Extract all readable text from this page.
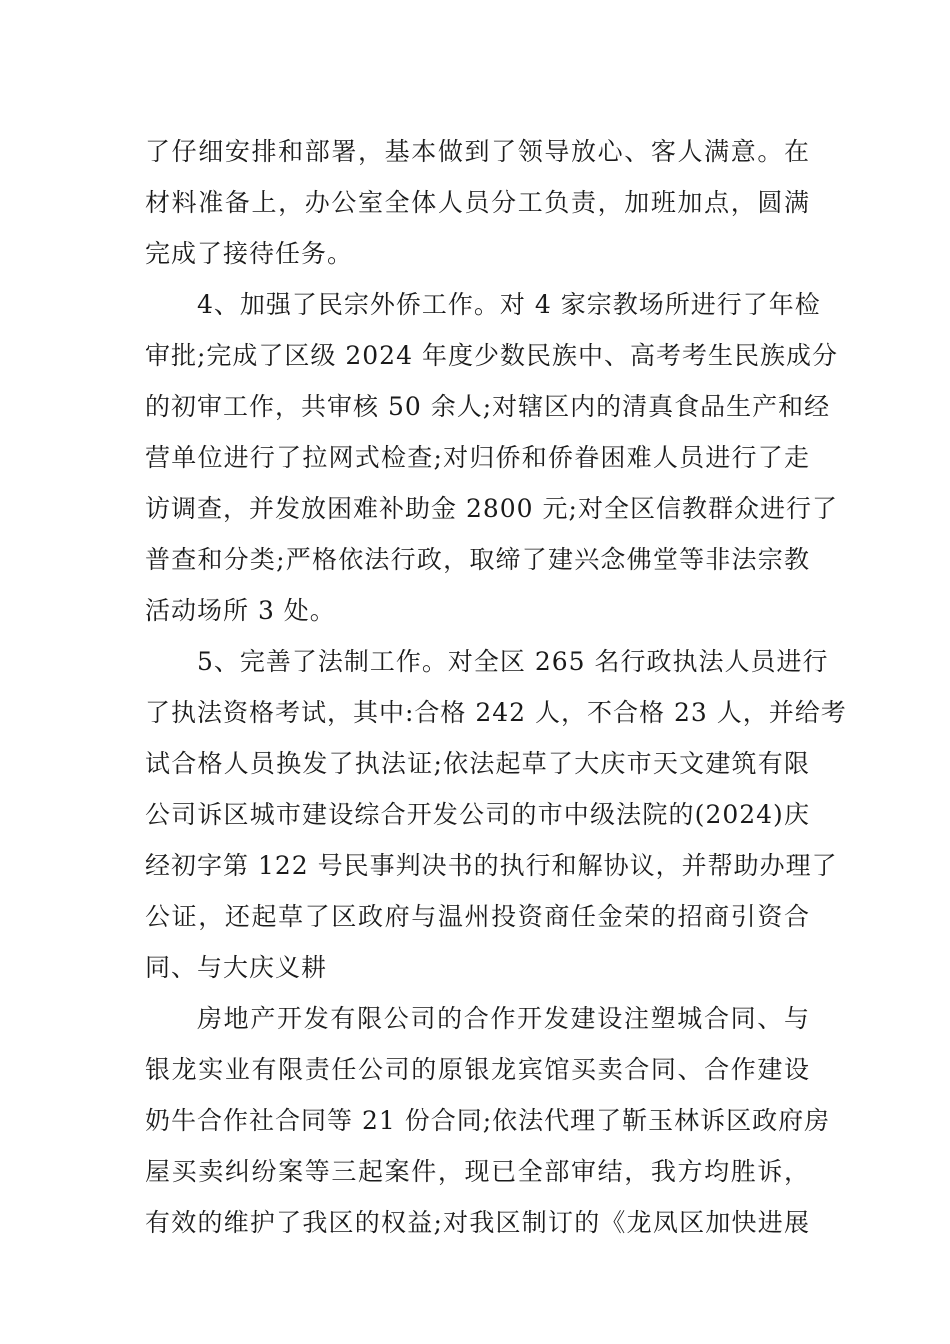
了仔细安排和部署，基本做到了领导放心、客人满意。在
材料准备上，办公室全体人员分工负责，加班加点，圆满
完成了接待任务。
4、加强了民宗外侨工作。对 4 家宗教场所进行了年检
审批;完成了区级 2024 年度少数民族中、高考考生民族成分
的初审工作，共审核 50 余人;对辖区内的清真食品生产和经
营单位进行了拉网式检查;对归侨和侨眷困难人员进行了走
访调查，并发放困难补助金 2800 元;对全区信教群众进行了
普查和分类;严格依法行政，取缔了建兴念佛堂等非法宗教
活动场所 3 处。
5、完善了法制工作。对全区 265 名行政执法人员进行
了执法资格考试，其中:合格 242 人，不合格 23 人，并给考
试合格人员换发了执法证;依法起草了大庆市天文建筑有限
公司诉区城市建设综合开发公司的市中级法院的(2024)庆
经初字第 122 号民事判决书的执行和解协议，并帮助办理了
公证，还起草了区政府与温州投资商任金荣的招商引资合
同、与大庆义耕
房地产开发有限公司的合作开发建设注塑城合同、与
银龙实业有限责任公司的原银龙宾馆买卖合同、合作建设
奶牛合作社合同等 21 份合同;依法代理了靳玉林诉区政府房
屋买卖纠纷案等三起案件，现已全部审结，我方均胜诉，
有效的维护了我区的权益;对我区制订的《龙凤区加快进展
